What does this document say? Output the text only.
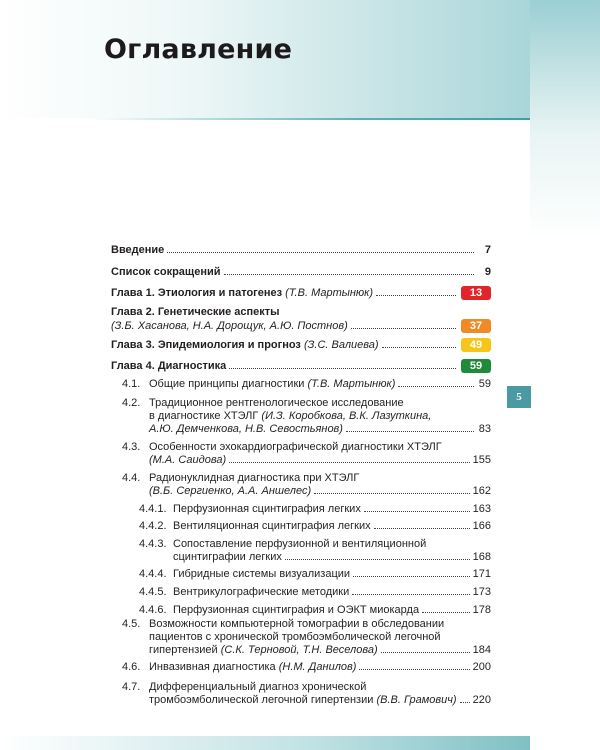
Оглавление
5
Введение	7
Список сокращений	9
Глава 1. Этиология и патогенез
(Т.В. Мартынюк)	13
Глава 2. Генетические аспекты
(З.Б. Хасанова, Н.А. Дорощук, А.Ю. Постнов)	37
Глава 3. Эпидемиология и прогноз
(З.С. Валиева)	49
Глава 4. Диагностика	59
4.1. Общие принципы диагностики
(Т.В. Мартынюк)	59
4.2. Традиционное рентгенологическое исследование
в диагностике ХТЭЛГ
(И.З. Коробкова, В.К. Лазуткина,
А.Ю. Демченкова, Н.В. Севостьянов)	83
4.3. Особенности эхокардиографической диагностики ХТЭЛГ
(М.А. Саидова)	155
4.4. Радионуклидная диагностика при ХТЭЛГ
(В.Б. Сергиенко, А.А. Аншелес)	162
4.4.1. Перфузионная сцинтиграфия легких	163
4.4.2. Вентиляционная сцинтиграфия легких	166
4.4.3. Сопоставление перфузионной и вентиляционной
сцинтиграфии легких	168
4.4.4. Гибридные системы визуализации	171
4.4.5. Вентрикулографические методики	173
4.4.6. Перфузионная сцинтиграфия и ОЭКТ миокарда	178
4.5. Возможности компьютерной томографии в обследовании
пациентов с хронической тромбоэмболической легочной
гипертензией
(С.К. Терновой, Т.Н. Веселова)	184
4.6. Инвазивная диагностика
(Н.М. Данилов)	200
4.7. Дифференциальный диагноз хронической
тромбоэмболической легочной гипертензии
(В.В. Грамович) 220
